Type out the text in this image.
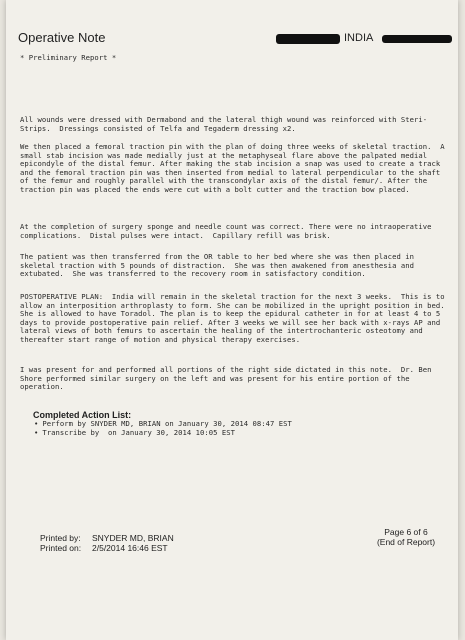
Operative Note	INDIA
* Preliminary Report *
All wounds were dressed with Dermabond and the lateral thigh wound was reinforced with Steri-Strips.  Dressings consisted of Telfa and Tegaderm dressing x2.
We then placed a femoral traction pin with the plan of doing three weeks of skeletal traction.  A small stab incision was made medially just at the metaphyseal flare above the palpated medial epicondyle of the distal femur. After making the stab incision a snap was used to create a track and the femoral traction pin was then inserted from medial to lateral perpendicular to the shaft of the femur and roughly parallel with the transcondylar axis of the distal femur/. After the traction pin was placed the ends were cut with a bolt cutter and the traction bow placed.
At the completion of surgery sponge and needle count was correct. There were no intraoperative complications.  Distal pulses were intact.  Capillary refill was brisk.
The patient was then transferred from the OR table to her bed where she was then placed in skeletal traction with 5 pounds of distraction.  She was then awakened from anesthesia and extubated.  She was transferred to the recovery room in satisfactory condition.
POSTOPERATIVE PLAN:  India will remain in the skeletal traction for the next 3 weeks.  This is to allow an interposition arthroplasty to form. She can be mobilized in the upright position in bed.  She is allowed to have Toradol. The plan is to keep the epidural catheter in for at least 4 to 5 days to provide postoperative pain relief. After 3 weeks we will see her back with x-rays AP and lateral views of both femurs to ascertain the healing of the intertrochanteric osteotomy and thereafter start range of motion and physical therapy exercises.
I was present for and performed all portions of the right side dictated in this note.  Dr. Ben Shore performed similar surgery on the left and was present for his entire portion of the operation.
Completed Action List:
• Perform by SNYDER MD, BRIAN on January 30, 2014 08:47 EST
• Transcribe by  on January 30, 2014 10:05 EST
Printed by: SNYDER MD, BRIAN
Printed on: 2/5/2014 16:46 EST
Page 6 of 6
(End of Report)
